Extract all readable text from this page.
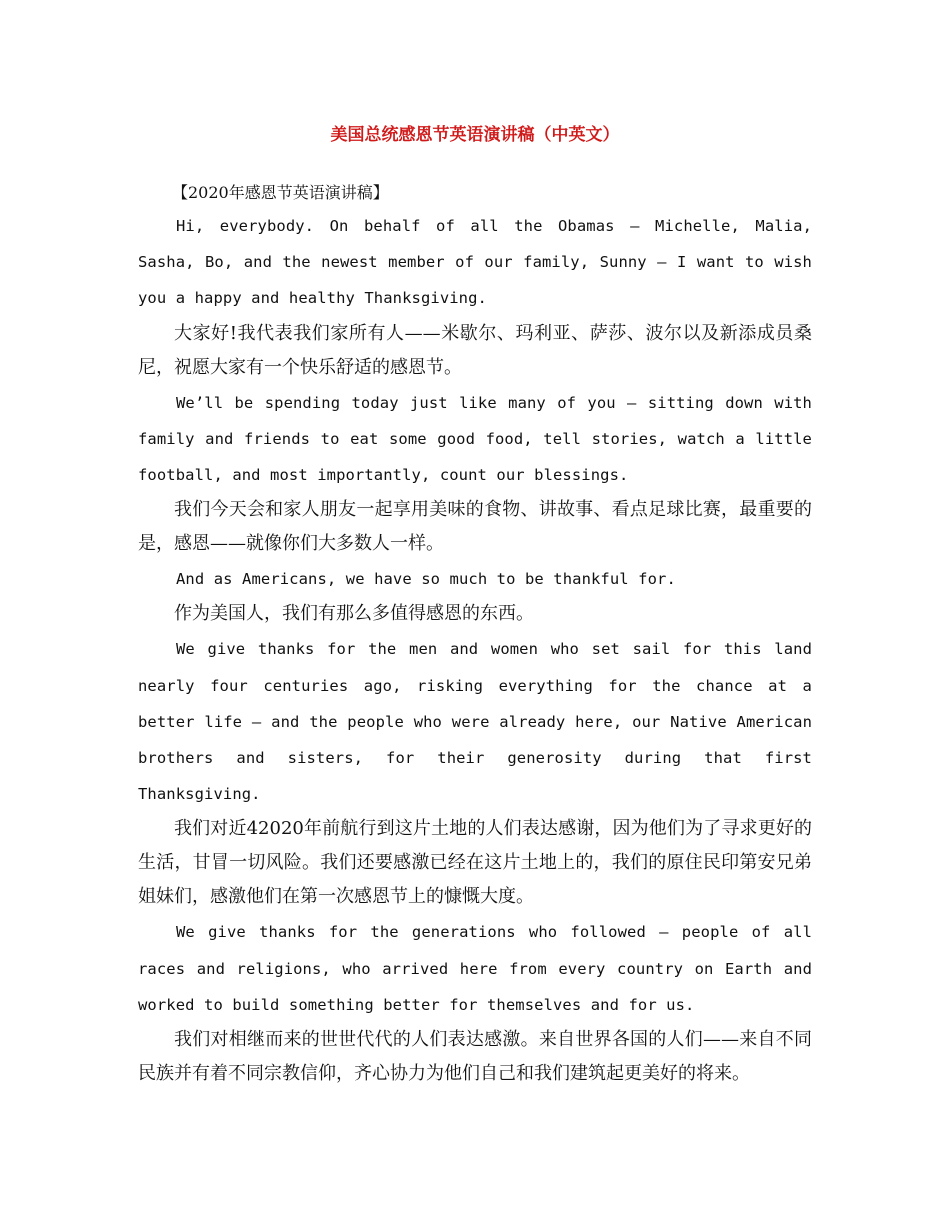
美国总统感恩节英语演讲稿（中英文）

【2020年感恩节英语演讲稿】

Hi, everybody. On behalf of all the Obamas – Michelle, Malia, Sasha, Bo, and the newest member of our family, Sunny – I want to wish you a happy and healthy Thanksgiving.

大家好!我代表我们家所有人——米歇尔、玛利亚、萨莎、波尔以及新添成员桑尼，祝愿大家有一个快乐舒适的感恩节。

We’ll be spending today just like many of you – sitting down with family and friends to eat some good food, tell stories, watch a little football, and most importantly, count our blessings.

我们今天会和家人朋友一起享用美味的食物、讲故事、看点足球比赛，最重要的是，感恩——就像你们大多数人一样。

And as Americans, we have so much to be thankful for.

作为美国人，我们有那么多值得感恩的东西。

We give thanks for the men and women who set sail for this land nearly four centuries ago, risking everything for the chance at a better life – and the people who were already here, our Native American brothers and sisters, for their generosity during that first Thanksgiving.

我们对近42020年前航行到这片土地的人们表达感谢，因为他们为了寻求更好的生活，甘冒一切风险。我们还要感激已经在这片土地上的，我们的原住民印第安兄弟姐妹们，感激他们在第一次感恩节上的慷慨大度。

We give thanks for the generations who followed – people of all races and religions, who arrived here from every country on Earth and worked to build something better for themselves and for us.

我们对相继而来的世世代代的人们表达感激。来自世界各国的人们——来自不同民族并有着不同宗教信仰，齐心协力为他们自己和我们建筑起更美好的将来。
